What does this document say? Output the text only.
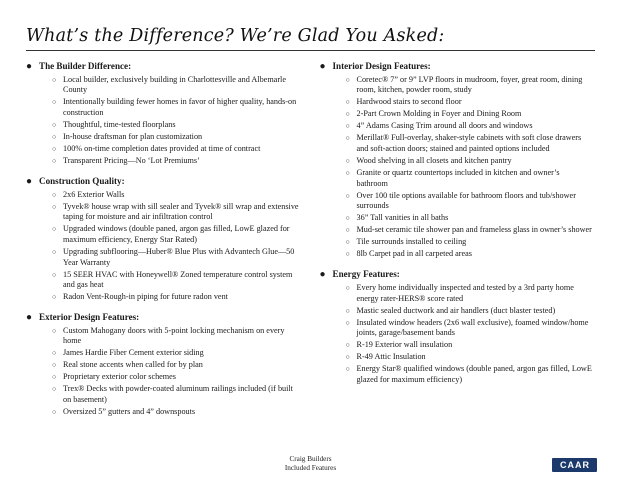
What’s the Difference? We’re Glad You Asked:
● The Builder Difference:
○ Local builder, exclusively building in Charlottesville and Albemarle County
○ Intentionally building fewer homes in favor of higher quality, hands-on construction
○ Thoughtful, time-tested floorplans
○ In-house draftsman for plan customization
○ 100% on-time completion dates provided at time of contract
○ Transparent Pricing—No ‘Lot Premiums’
● Construction Quality:
○ 2x6 Exterior Walls
○ Tyvek® house wrap with sill sealer and Tyvek® sill wrap and extensive taping for moisture and air infiltration control
○ Upgraded windows (double paned, argon gas filled, LowE glazed for maximum efficiency, Energy Star Rated)
○ Upgrading subflooring—Huber® Blue Plus with Advantech Glue—50 Year Warranty
○ 15 SEER HVAC with Honeywell® Zoned temperature control system and gas heat
○ Radon Vent-Rough-in piping for future radon vent
● Exterior Design Features:
○ Custom Mahogany doors with 5-point locking mechanism on every home
○ James Hardie Fiber Cement exterior siding
○ Real stone accents when called for by plan
○ Proprietary exterior color schemes
○ Trex® Decks with powder-coated aluminum railings included (if built on basement)
○ Oversized 5” gutters and 4” downspouts
● Interior Design Features:
○ Coretec® 7” or 9” LVP floors in mudroom, foyer, great room, dining room, kitchen, powder room, study
○ Hardwood stairs to second floor
○ 2-Part Crown Molding in Foyer and Dining Room
○ 4” Adams Casing Trim around all doors and windows
○ Merillat® Full-overlay, shaker-style cabinets with soft close drawers and soft-action doors; stained and painted options included
○ Wood shelving in all closets and kitchen pantry
○ Granite or quartz countertops included in kitchen and owner’s bathroom
○ Over 100 tile options available for bathroom floors and tub/shower surrounds
○ 36” Tall vanities in all baths
○ Mud-set ceramic tile shower pan and frameless glass in owner’s shower
○ Tile surrounds installed to ceiling
○ 8lb Carpet pad in all carpeted areas
● Energy Features:
○ Every home individually inspected and tested by a 3rd party home energy rater-HERS® score rated
○ Mastic sealed ductwork and air handlers (duct blaster tested)
○ Insulated window headers (2x6 wall exclusive), foamed window/home joints, garage/basement bands
○ R-19 Exterior wall insulation
○ R-49 Attic Insulation
○ Energy Star® qualified windows (double paned, argon gas filled, LowE glazed for maximum efficiency)
Craig Builders
Included Features	CAAR
